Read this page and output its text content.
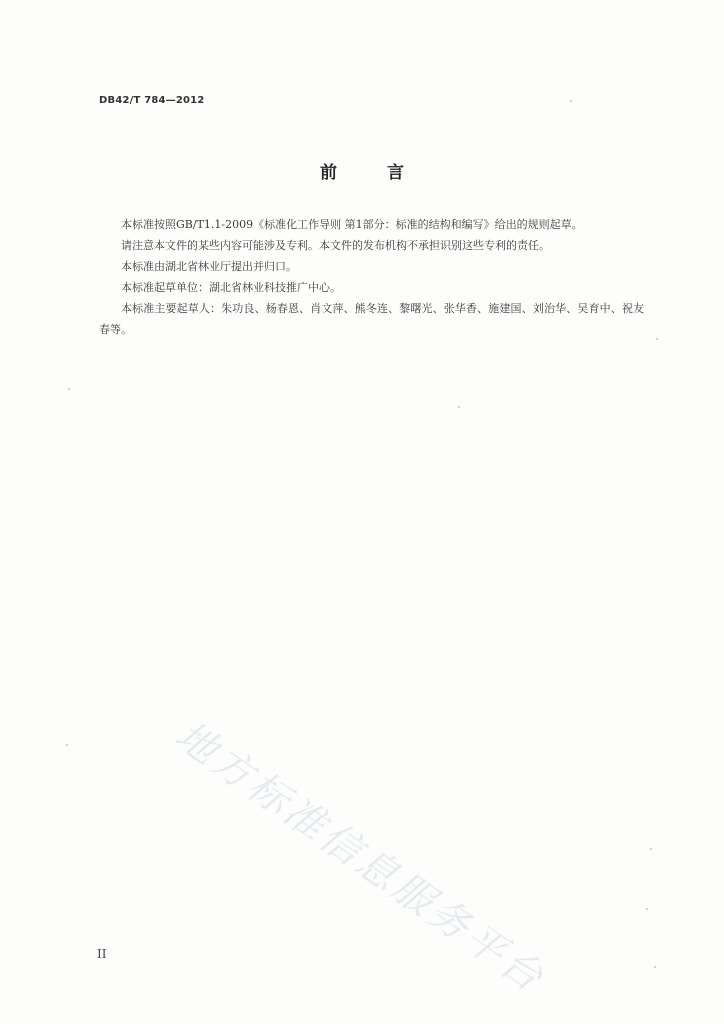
DB42/T 784—2012
前	言

本标准按照GB/T1.1-2009《标准化工作导则 第1部分：标准的结构和编写》给出的规则起草。

请注意本文件的某些内容可能涉及专利。本文件的发布机构不承担识别这些专利的责任。

本标准由湖北省林业厅提出并归口。

本标准起草单位：湖北省林业科技推广中心。

本标准主要起草人：朱功良、杨春恩、肖文萍、熊冬连、黎曙光、张华香、施建国、刘治华、吴育中、祝友春等。

地方标准信息服务平台
II
